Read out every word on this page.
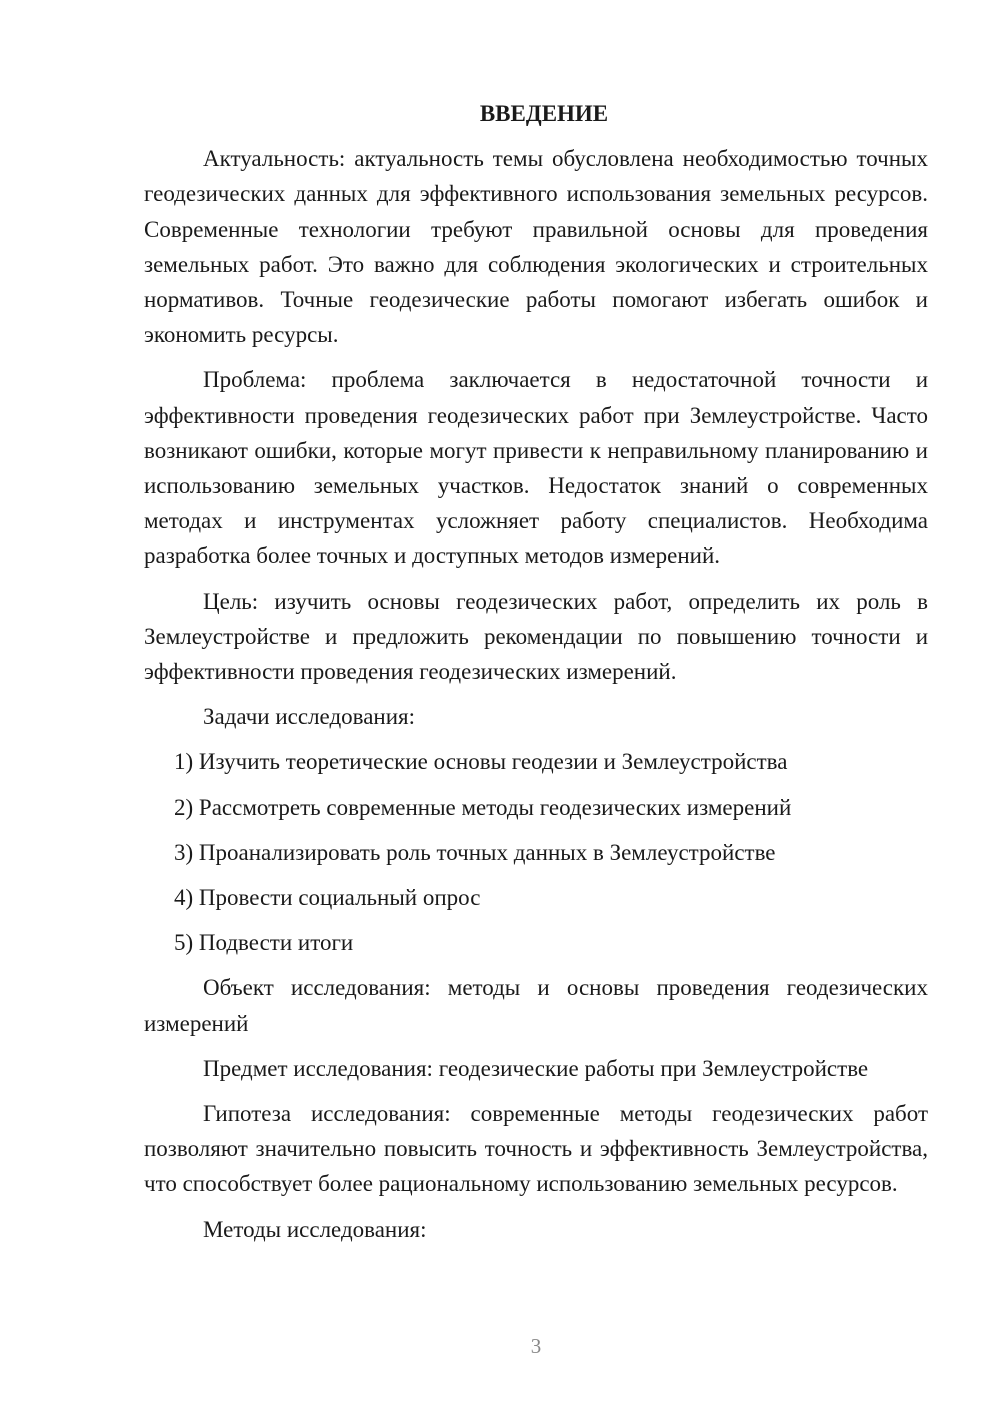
ВВЕДЕНИЕ

Актуальность: актуальность темы обусловлена необходимостью точных геодезических данных для эффективного использования земельных ресурсов. Современные технологии требуют правильной основы для проведения земельных работ. Это важно для соблюдения экологических и строительных нормативов. Точные геодезические работы помогают избегать ошибок и экономить ресурсы.

Проблема: проблема заключается в недостаточной точности и эффективности проведения геодезических работ при Землеустройстве. Часто возникают ошибки, которые могут привести к неправильному планированию и использованию земельных участков. Недостаток знаний о современных методах и инструментах усложняет работу специалистов. Необходима разработка более точных и доступных методов измерений.

Цель: изучить основы геодезических работ, определить их роль в Землеустройстве и предложить рекомендации по повышению точности и эффективности проведения геодезических измерений.

Задачи исследования:

1) Изучить теоретические основы геодезии и Землеустройства
2) Рассмотреть современные методы геодезических измерений
3) Проанализировать роль точных данных в Землеустройстве
4) Провести социальный опрос
5) Подвести итоги

Объект исследования: методы и основы проведения геодезических измерений

Предмет исследования: геодезические работы при Землеустройстве

Гипотеза исследования: современные методы геодезических работ позволяют значительно повысить точность и эффективность Землеустройства, что способствует более рациональному использованию земельных ресурсов.

Методы исследования:

3
